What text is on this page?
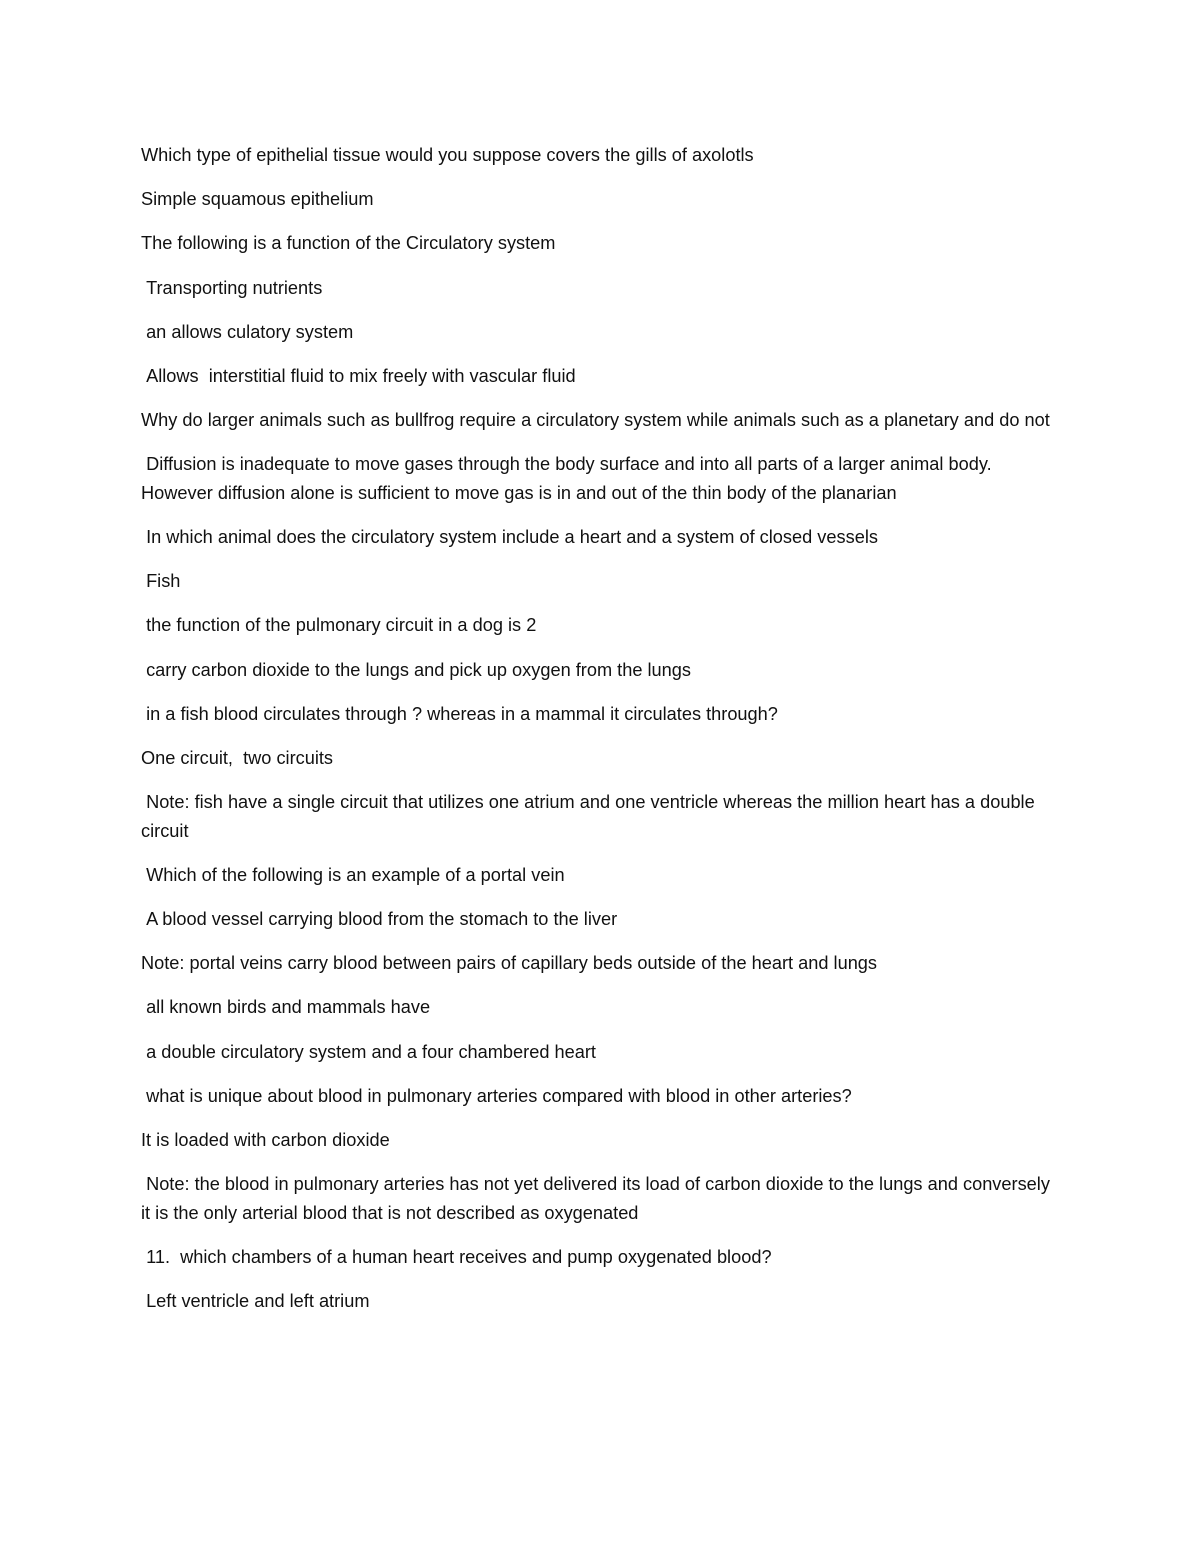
Which type of epithelial tissue would you suppose covers the gills of axolotls

Simple squamous epithelium

The following is a function of the Circulatory system

Transporting nutrients

an allows culatory system

Allows  interstitial fluid to mix freely with vascular fluid

Why do larger animals such as bullfrog require a circulatory system while animals such as a planetary and do not

Diffusion is inadequate to move gases through the body surface and into all parts of a larger animal body. However diffusion alone is sufficient to move gas is in and out of the thin body of the planarian

In which animal does the circulatory system include a heart and a system of closed vessels

Fish

the function of the pulmonary circuit in a dog is 2

carry carbon dioxide to the lungs and pick up oxygen from the lungs

in a fish blood circulates through ? whereas in a mammal it circulates through?

One circuit,  two circuits

Note: fish have a single circuit that utilizes one atrium and one ventricle whereas the million heart has a double circuit

Which of the following is an example of a portal vein

A blood vessel carrying blood from the stomach to the liver

Note: portal veins carry blood between pairs of capillary beds outside of the heart and lungs

all known birds and mammals have

a double circulatory system and a four chambered heart

what is unique about blood in pulmonary arteries compared with blood in other arteries?

It is loaded with carbon dioxide

Note: the blood in pulmonary arteries has not yet delivered its load of carbon dioxide to the lungs and conversely it is the only arterial blood that is not described as oxygenated

11.  which chambers of a human heart receives and pump oxygenated blood?

Left ventricle and left atrium
